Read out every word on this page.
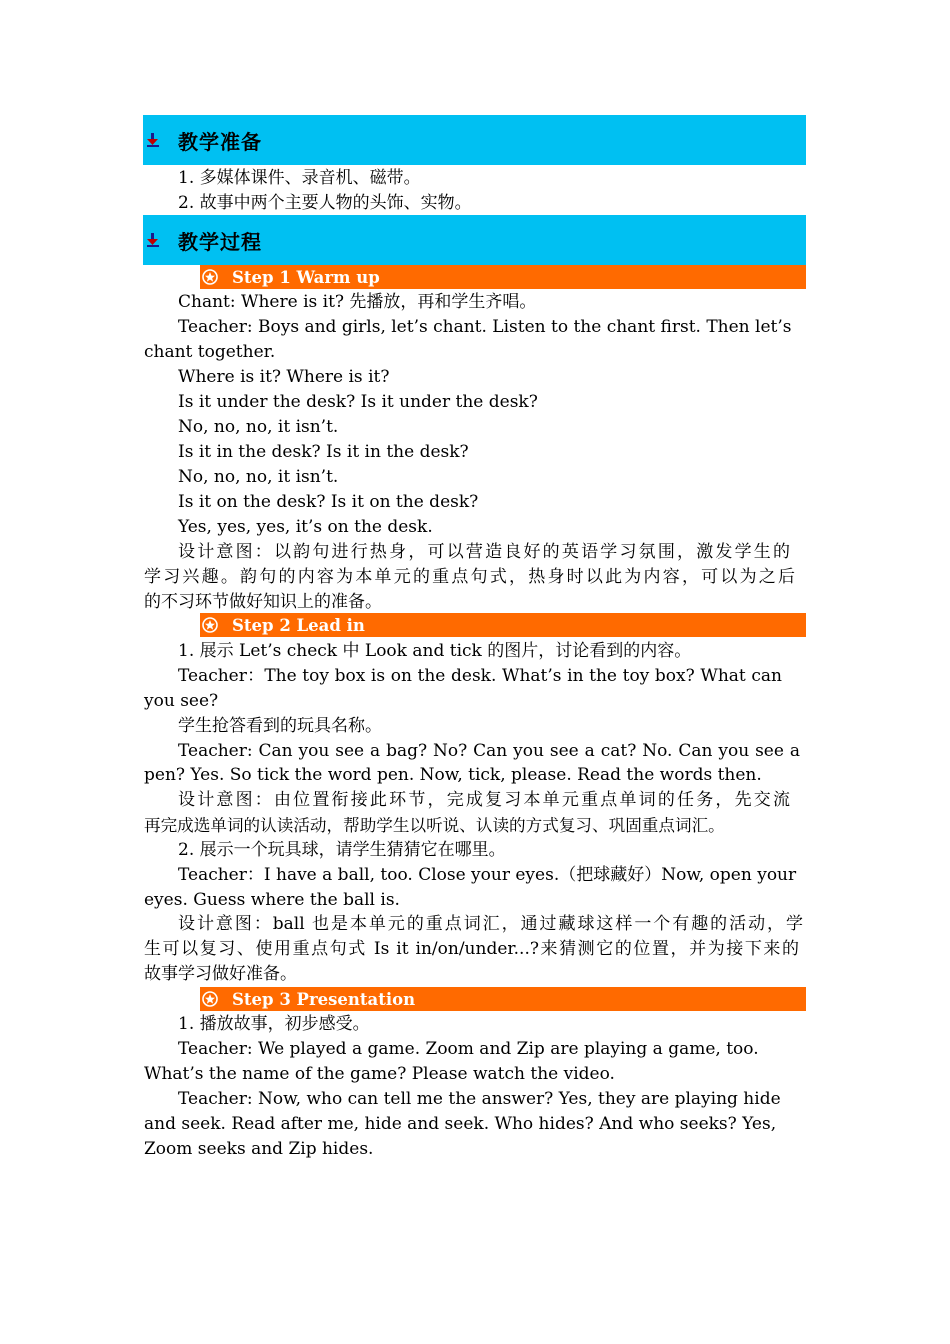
教学准备
1. 多媒体课件、录音机、磁带。
2. 故事中两个主要人物的头饰、实物。
教学过程
Step 1 Warm up
Chant: Where is it? 先播放，再和学生齐唱。
Teacher: Boys and girls, let’s chant. Listen to the chant first. Then let’s
chant together.
Where is it? Where is it?
Is it under the desk? Is it under the desk?
No, no, no, it isn’t.
Is it in the desk? Is it in the desk?
No, no, no, it isn’t.
Is it on the desk? Is it on the desk?
Yes, yes, yes, it’s on the desk.
设计意图：以韵句进行热身，可以营造良好的英语学习氛围，激发学生的
学习兴趣。韵句的内容为本单元的重点句式，热身时以此为内容，可以为之后
的不习环节做好知识上的准备。
Step 2 Lead in
1. 展示 Let’s check 中 Look and tick 的图片，讨论看到的内容。
Teacher：The toy box is on the desk. What’s in the toy box? What can
you see?
学生抢答看到的玩具名称。
Teacher: Can you see a bag? No? Can you see a cat? No. Can you see a
pen? Yes. So tick the word pen. Now, tick, please. Read the words then.
设计意图：由位置衔接此环节，完成复习本单元重点单词的任务，先交流
再完成选单词的认读活动，帮助学生以听说、认读的方式复习、巩固重点词汇。
2. 展示一个玩具球，请学生猜猜它在哪里。
Teacher：I have a ball, too. Close your eyes.（把球藏好）Now, open your
eyes. Guess where the ball is.
设计意图：ball 也是本单元的重点词汇，通过藏球这样一个有趣的活动，学
生可以复习、使用重点句式 Is it in/on/under...?来猜测它的位置，并为接下来的
故事学习做好准备。
Step 3 Presentation
1. 播放故事，初步感受。
Teacher: We played a game. Zoom and Zip are playing a game, too.
What’s the name of the game? Please watch the video.
Teacher: Now, who can tell me the answer? Yes, they are playing hide
and seek. Read after me, hide and seek. Who hides? And who seeks? Yes,
Zoom seeks and Zip hides.
